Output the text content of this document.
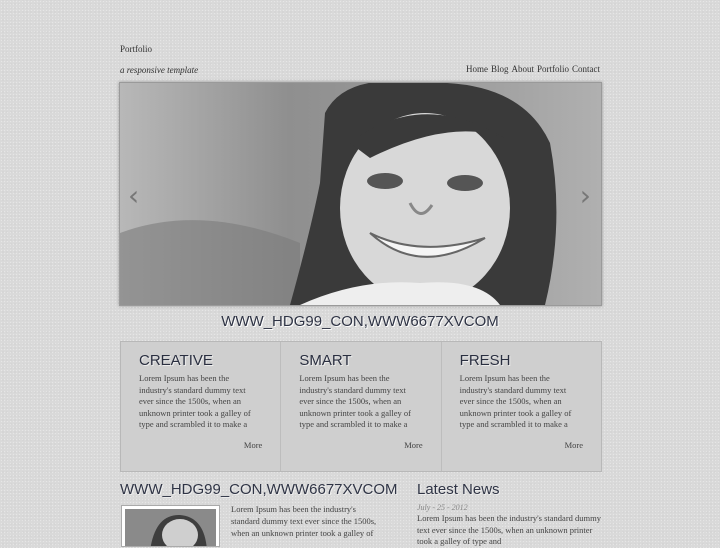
Portfolio
a responsive template	Home Blog About Portfolio Contact
‹	›
WWW_HDG99_CON,WWW6677XVCOM
CREATIVE

Lorem Ipsum has been the industry's standard dummy text ever since the 1500s, when an unknown printer took a galley of type and scrambled it to make a

More
SMART

Lorem Ipsum has been the industry's standard dummy text ever since the 1500s, when an unknown printer took a galley of type and scrambled it to make a

More
FRESH

Lorem Ipsum has been the industry's standard dummy text ever since the 1500s, when an unknown printer took a galley of type and scrambled it to make a

More
WWW_HDG99_CON,WWW6677XVCOM
Lorem Ipsum has been the industry's standard dummy text ever since the 1500s, when an unknown printer took a galley of
Latest News
July - 25 - 2012
Lorem Ipsum has been the industry's standard dummy text ever since the 1500s, when an unknown printer took a galley of type and
